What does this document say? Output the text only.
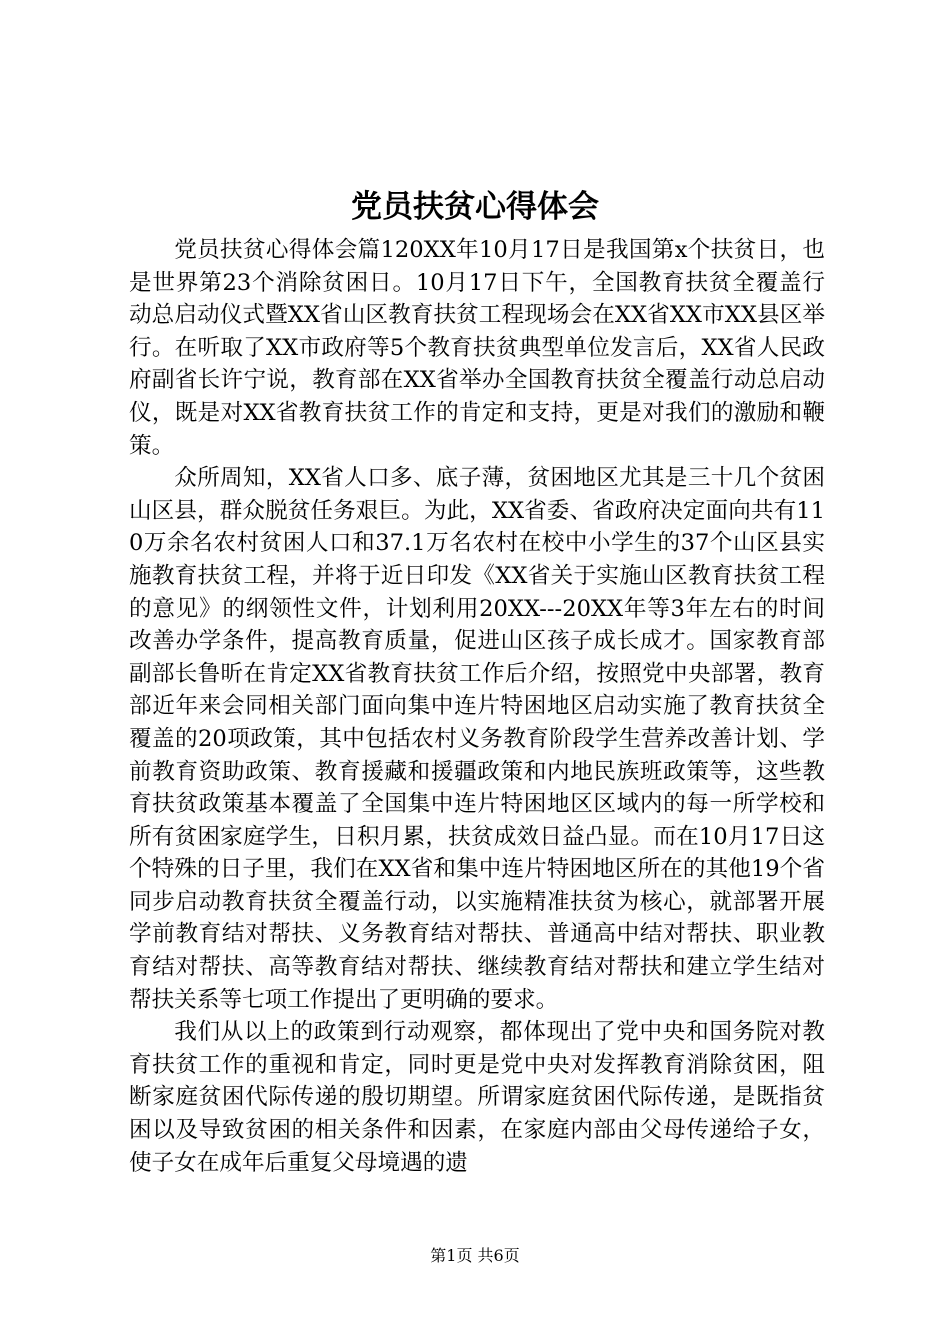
党员扶贫心得体会

党员扶贫心得体会篇120XX年10月17日是我国第x个扶贫日，也是世界第23个消除贫困日。10月17日下午，全国教育扶贫全覆盖行动总启动仪式暨XX省山区教育扶贫工程现场会在XX省XX市XX县区举行。在听取了XX市政府等5个教育扶贫典型单位发言后，XX省人民政府副省长许宁说，教育部在XX省举办全国教育扶贫全覆盖行动总启动仪，既是对XX省教育扶贫工作的肯定和支持，更是对我们的激励和鞭策。

众所周知，XX省人口多、底子薄，贫困地区尤其是三十几个贫困山区县，群众脱贫任务艰巨。为此，XX省委、省政府决定面向共有110万余名农村贫困人口和37.1万名农村在校中小学生的37个山区县实施教育扶贫工程，并将于近日印发《XX省关于实施山区教育扶贫工程的意见》的纲领性文件，计划利用20XX---20XX年等3年左右的时间改善办学条件，提高教育质量，促进山区孩子成长成才。国家教育部副部长鲁昕在肯定XX省教育扶贫工作后介绍，按照党中央部署，教育部近年来会同相关部门面向集中连片特困地区启动实施了教育扶贫全覆盖的20项政策，其中包括农村义务教育阶段学生营养改善计划、学前教育资助政策、教育援藏和援疆政策和内地民族班政策等，这些教育扶贫政策基本覆盖了全国集中连片特困地区区域内的每一所学校和所有贫困家庭学生，日积月累，扶贫成效日益凸显。而在10月17日这个特殊的日子里，我们在XX省和集中连片特困地区所在的其他19个省同步启动教育扶贫全覆盖行动，以实施精准扶贫为核心，就部署开展学前教育结对帮扶、义务教育结对帮扶、普通高中结对帮扶、职业教育结对帮扶、高等教育结对帮扶、继续教育结对帮扶和建立学生结对帮扶关系等七项工作提出了更明确的要求。

我们从以上的政策到行动观察，都体现出了党中央和国务院对教育扶贫工作的重视和肯定，同时更是党中央对发挥教育消除贫困，阻断家庭贫困代际传递的殷切期望。所谓家庭贫困代际传递，是既指贫困以及导致贫困的相关条件和因素，在家庭内部由父母传递给子女，使子女在成年后重复父母境遇的遗

第1页 共6页
